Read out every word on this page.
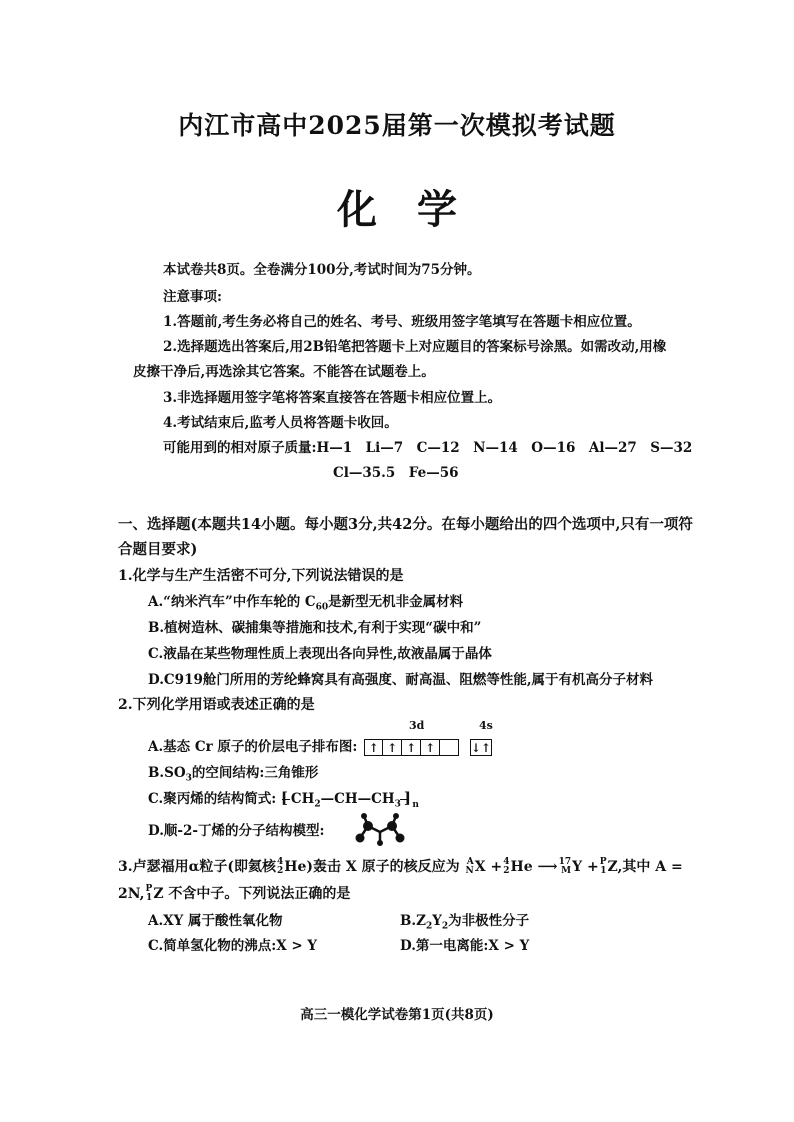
内江市高中2025届第一次模拟考试题
化学
本试卷共8页。全卷满分100分,考试时间为75分钟。
注意事项:
1.答题前,考生务必将自己的姓名、考号、班级用签字笔填写在答题卡相应位置。
2.选择题选出答案后,用2B铅笔把答题卡上对应题目的答案标号涂黑。如需改动,用橡
皮擦干净后,再选涂其它答案。不能答在试题卷上。
3.非选择题用签字笔将答案直接答在答题卡相应位置上。
4.考试结束后,监考人员将答题卡收回。
可能用到的相对原子质量:H—1　Li—7　C—12　N—14　O—16　Al—27　S—32
Cl—35.5　Fe—56
一、选择题(本题共14小题。每小题3分,共42分。在每小题给出的四个选项中,只有一项符
合题目要求)
1.化学与生产生活密不可分,下列说法错误的是
A.“纳米汽车”中作车轮的 $C_{60}$是新型无机非金属材料
B.植树造林、碳捕集等措施和技术,有利于实现“碳中和”
C.液晶在某些物理性质上表现出各向异性,故液晶属于晶体
D.C919舱门所用的芳纶蜂窝具有高强度、耐高温、阻燃等性能,属于有机高分子材料
2.下列化学用语或表述正确的是
3d	4s
A.基态 Cr 原子的价层电子排布图: ↑ ↑ ↑ ↑	↓↑
$B.SO_3$的空间结构:三角锥形
C.聚丙烯的结构简式: [ $CH_2—CH—CH_3$ ] n
D.顺-2-丁烯的分子结构模型:
3.卢瑟福用α粒子(即氦核4
2He)轰击 X 原子的核反应为 A
NX +4
2He ⟶17
MY +P
1Z,其中 A =
2N,P
1Z 不含中子。下列说法正确的是
A.XY 属于酸性氧化物	$B.Z_2Y_2$为非极性分子
C.简单氢化物的沸点:X > Y	D.第一电离能:X > Y
高三一模化学试卷第1页(共8页)
